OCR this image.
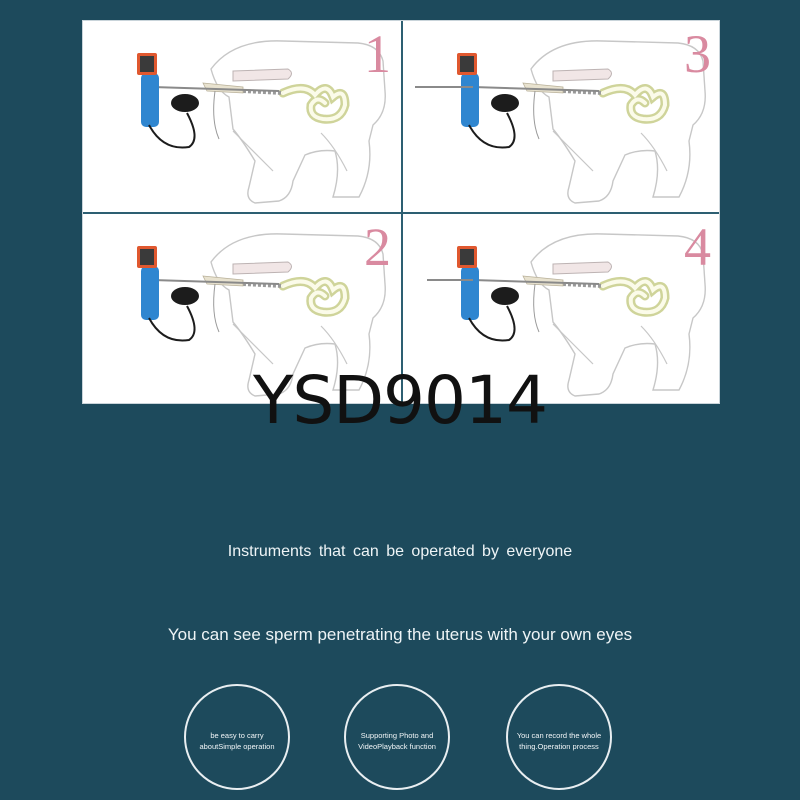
1	3
2	4
YSD9014
Instruments that can be operated by everyone
You can see sperm penetrating the uterus with your own eyes
be easy to carry aboutSimple operation
Supporting Photo and VideoPlayback function
You can record the whole thing.Operation process
